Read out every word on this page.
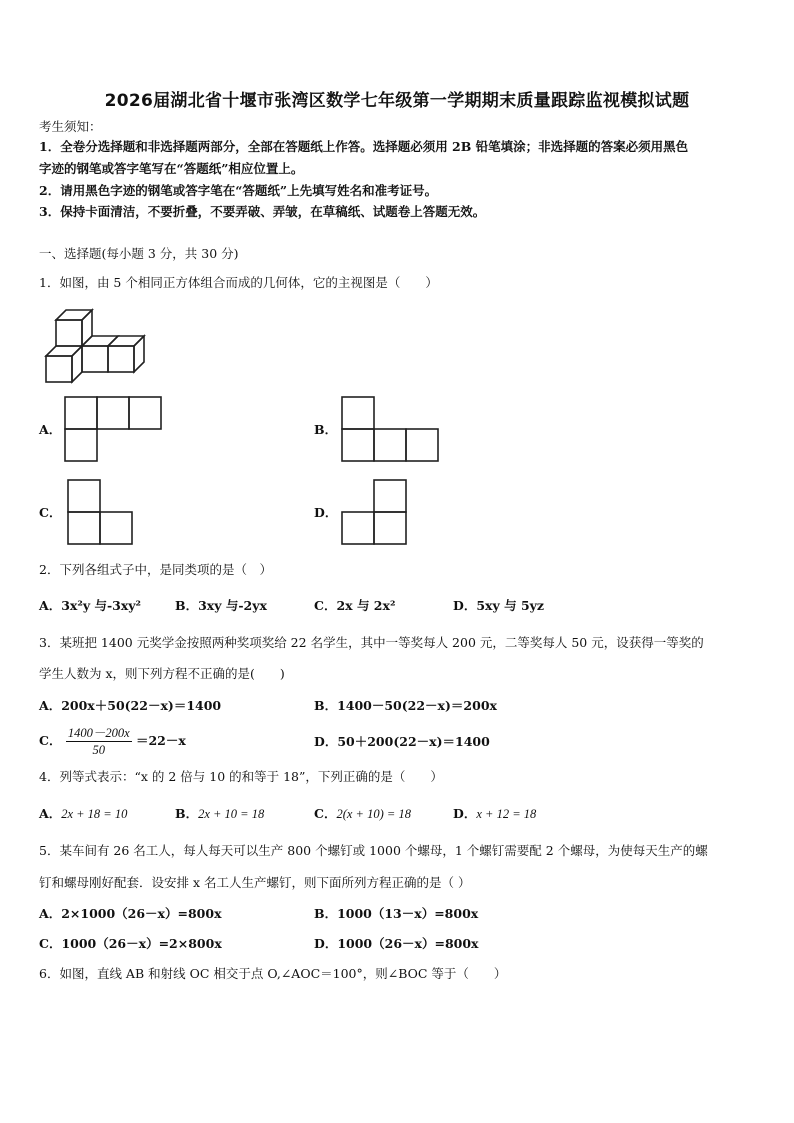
2026届湖北省十堰市张湾区数学七年级第一学期期末质量跟踪监视模拟试题
考生须知：
1．全卷分选择题和非选择题两部分，全部在答题纸上作答。选择题必须用 2B 铅笔填涂；非选择题的答案必须用黑色
字迹的钢笔或答字笔写在“答题纸”相应位置上。
2．请用黑色字迹的钢笔或答字笔在“答题纸”上先填写姓名和准考证号。
3．保持卡面清洁，不要折叠，不要弄破、弄皱，在草稿纸、试题卷上答题无效。
一、选择题(每小题 3 分，共 30 分)
1．如图，由 5 个相同正方体组合而成的几何体，它的主视图是（　　）
A．	B．
C．	D．
2．下列各组式子中，是同类项的是（　）
A．3x²y 与-3xy²	B．3xy 与-2yx	C．2x 与 2x²	D．5xy 与 5yz
3．某班把 1400 元奖学金按照两种奖项奖给 22 名学生，其中一等奖每人 200 元，二等奖每人 50 元，设获得一等奖的
学生人数为 x，则下列方程不正确的是(　　)
A．200x＋50(22－x)＝1400	B．1400－50(22－x)＝200x
C． $\frac{1400-200x}{50} =22-x$	D．50＋200(22－x)＝1400
4．列等式表示：“x 的 2 倍与 10 的和等于 18”，下列正确的是（　　）
A．2x + 18 = 10	B．2x + 10 = 18	C．2(x + 10) = 18	D．x + 12 = 18
5．某车间有 26 名工人，每人每天可以生产 800 个螺钉或 1000 个螺母，1 个螺钉需要配 2 个螺母，为使每天生产的螺
钉和螺母刚好配套．设安排 x 名工人生产螺钉，则下面所列方程正确的是（ ）
A．2×1000（26－x）=800x	B．1000（13－x）=800x
C．1000（26－x）=2×800x	D．1000（26－x）=800x
6．如图，直线 AB 和射线 OC 相交于点 O,∠AOC＝100°，则∠BOC 等于（　　）
